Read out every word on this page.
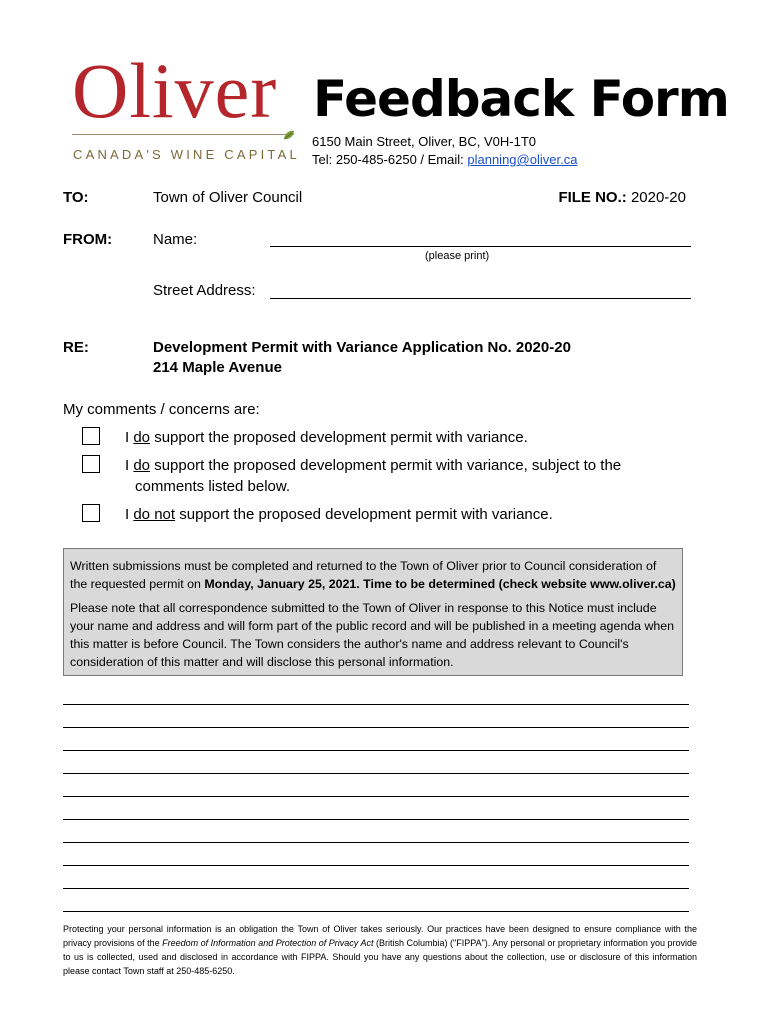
Oliver
CANADA'S WINE CAPITAL
Feedback Form
6150 Main Street, Oliver, BC, V0H-1T0
Tel: 250-485-6250 / Email: planning@oliver.ca
TO:	Town of Oliver Council	FILE NO.: 2020-20
FROM:	Name:
(please print)
Street Address:
RE:	Development Permit with Variance Application No. 2020-20
214 Maple Avenue
My comments / concerns are:
I do support the proposed development permit with variance.
I do support the proposed development permit with variance, subject to the
comments listed below.
I do not support the proposed development permit with variance.

Written submissions must be completed and returned to the Town of Oliver prior to Council consideration of the requested permit on Monday, January 25, 2021. Time to be determined (check website www.oliver.ca)

Please note that all correspondence submitted to the Town of Oliver in response to this Notice must include your name and address and will form part of the public record and will be published in a meeting agenda when this matter is before Council. The Town considers the author's name and address relevant to Council's consideration of this matter and will disclose this personal information.

Protecting your personal information is an obligation the Town of Oliver takes seriously. Our practices have been designed to ensure compliance with the privacy provisions of the Freedom of Information and Protection of Privacy Act (British Columbia) ("FIPPA"). Any personal or proprietary information you provide to us is collected, used and disclosed in accordance with FIPPA. Should you have any questions about the collection, use or disclosure of this information please contact Town staff at 250-485-6250.
